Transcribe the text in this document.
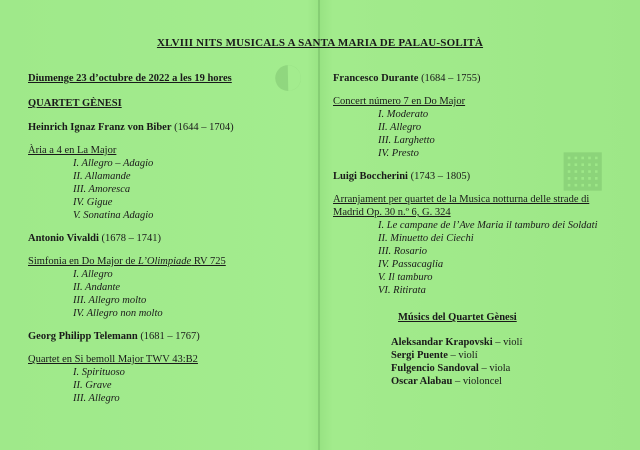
◐
▦
XLVIII NITS MUSICALS A SANTA MARIA DE PALAU-SOLITÀ
Diumenge 23 d’octubre de 2022 a les 19 hores
QUARTET GÈNESI
Heinrich Ignaz Franz von Biber (1644 – 1704)
Ària a 4 en La Major
I. Allegro – Adagio
II. Allamande
III. Amoresca
IV. Gigue
V. Sonatina Adagio
Antonio Vivaldi (1678 – 1741)
Simfonia en Do Major de L’Olimpiade RV 725
I. Allegro
II. Andante
III. Allegro molto
IV. Allegro non molto
Georg Philipp Telemann (1681 – 1767)
Quartet en Si bemoll Major TWV 43:B2
I. Spirituoso
II. Grave
III. Allegro
Francesco Durante (1684 – 1755)
Concert número 7 en Do Major
I. Moderato
II. Allegro
III. Larghetto
IV. Presto
Luigi Boccherini (1743 – 1805)
Arranjament per quartet de la Musica notturna delle strade di Madrid Op. 30 n.º 6, G. 324
I. Le campane de l’Ave Maria il tamburo dei Soldati
II. Minuetto dei Ciechi
III. Rosario
IV. Passacaglia
V. Il tamburo
VI. Ritirata
Músics del Quartet Gènesi
Aleksandar Krapovski – violí
Sergi Puente – violí
Fulgencio Sandoval – viola
Oscar Alabau – violoncel
